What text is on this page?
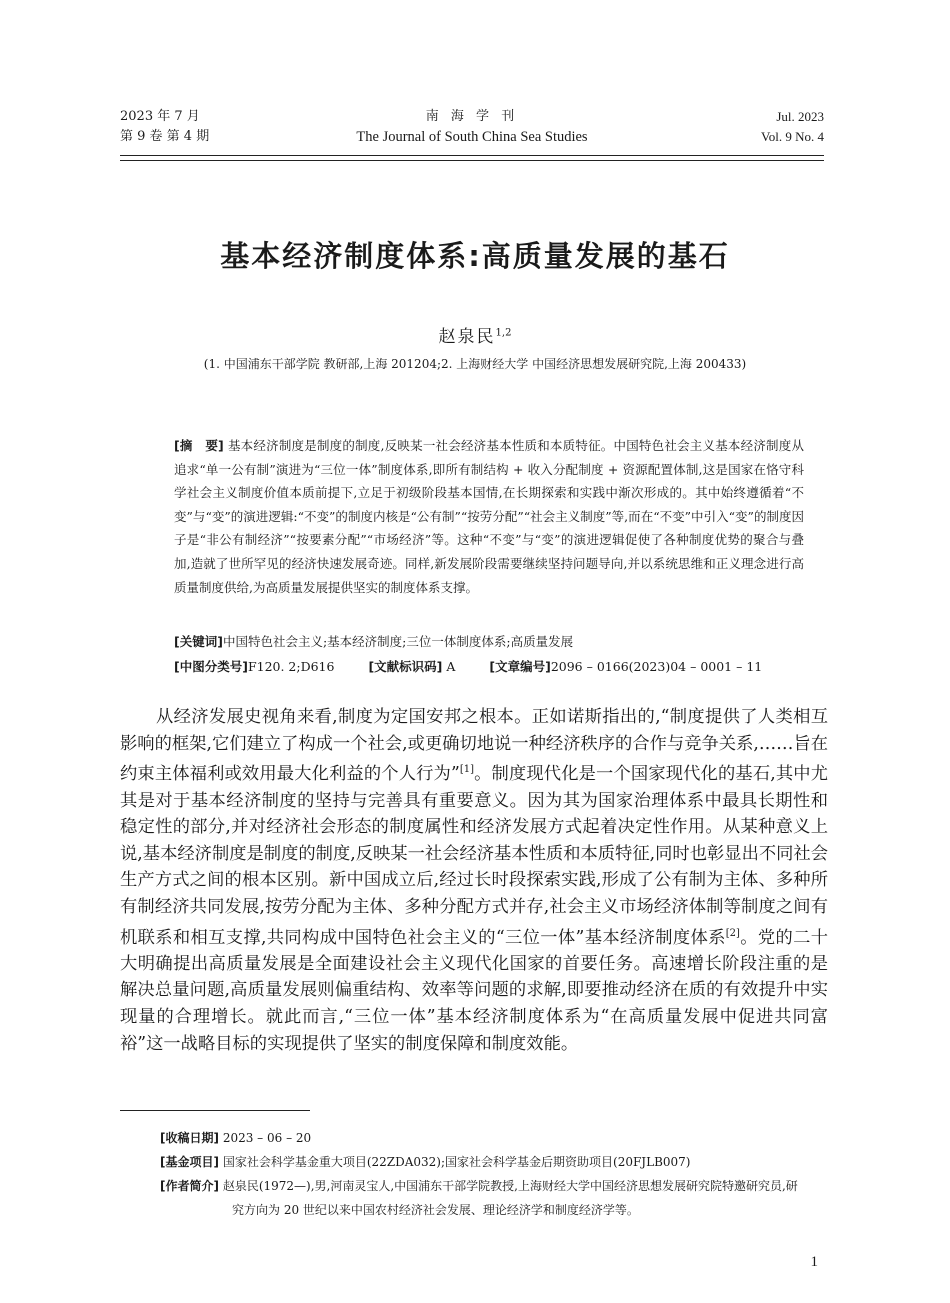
2023 年 7 月
第 9 卷 第 4 期
南 海 学 刊
The Journal of South China Sea Studies
Jul. 2023
Vol. 9 No. 4
基本经济制度体系:高质量发展的基石
赵泉民$^{1,2}$
(1. 中国浦东干部学院 教研部,上海 201204;2. 上海财经大学 中国经济思想发展研究院,上海 200433)
[摘　要] 基本经济制度是制度的制度,反映某一社会经济基本性质和本质特征。中国特色社会主义基本经济制度从追求“单一公有制”演进为“三位一体”制度体系,即所有制结构 + 收入分配制度 + 资源配置体制,这是国家在恪守科学社会主义制度价值本质前提下,立足于初级阶段基本国情,在长期探索和实践中渐次形成的。其中始终遵循着“不变”与“变”的演进逻辑:“不变”的制度内核是“公有制”“按劳分配”“社会主义制度”等,而在“不变”中引入“变”的制度因子是“非公有制经济”“按要素分配”“市场经济”等。这种“不变”与“变”的演进逻辑促使了各种制度优势的聚合与叠加,造就了世所罕见的经济快速发展奇迹。同样,新发展阶段需要继续坚持问题导向,并以系统思维和正义理念进行高质量制度供给,为高质量发展提供坚实的制度体系支撑。
[关键词]中国特色社会主义;基本经济制度;三位一体制度体系;高质量发展
[中图分类号]F120. 2;D616	[文献标识码] A	[文章编号]2096 – 0166(2023)04 – 0001 – 11
从经济发展史视角来看,制度为定国安邦之根本。正如诺斯指出的,“制度提供了人类相互影响的框架,它们建立了构成一个社会,或更确切地说一种经济秩序的合作与竞争关系,……旨在约束主体福利或效用最大化利益的个人行为”[1]。制度现代化是一个国家现代化的基石,其中尤其是对于基本经济制度的坚持与完善具有重要意义。因为其为国家治理体系中最具长期性和稳定性的部分,并对经济社会形态的制度属性和经济发展方式起着决定性作用。从某种意义上说,基本经济制度是制度的制度,反映某一社会经济基本性质和本质特征,同时也彰显出不同社会生产方式之间的根本区别。新中国成立后,经过长时段探索实践,形成了公有制为主体、多种所有制经济共同发展,按劳分配为主体、多种分配方式并存,社会主义市场经济体制等制度之间有机联系和相互支撑,共同构成中国特色社会主义的“三位一体”基本经济制度体系[2]。党的二十大明确提出高质量发展是全面建设社会主义现代化国家的首要任务。高速增长阶段注重的是解决总量问题,高质量发展则偏重结构、效率等问题的求解,即要推动经济在质的有效提升中实现量的合理增长。就此而言,“三位一体”基本经济制度体系为“在高质量发展中促进共同富裕”这一战略目标的实现提供了坚实的制度保障和制度效能。
[收稿日期] 2023 – 06 – 20
[基金项目] 国家社会科学基金重大项目(22ZDA032);国家社会科学基金后期资助项目(20FJLB007)
[作者简介] 赵泉民(1972—),男,河南灵宝人,中国浦东干部学院教授,上海财经大学中国经济思想发展研究院特邀研究员,研究方向为 20 世纪以来中国农村经济社会发展、理论经济学和制度经济学等。
1
